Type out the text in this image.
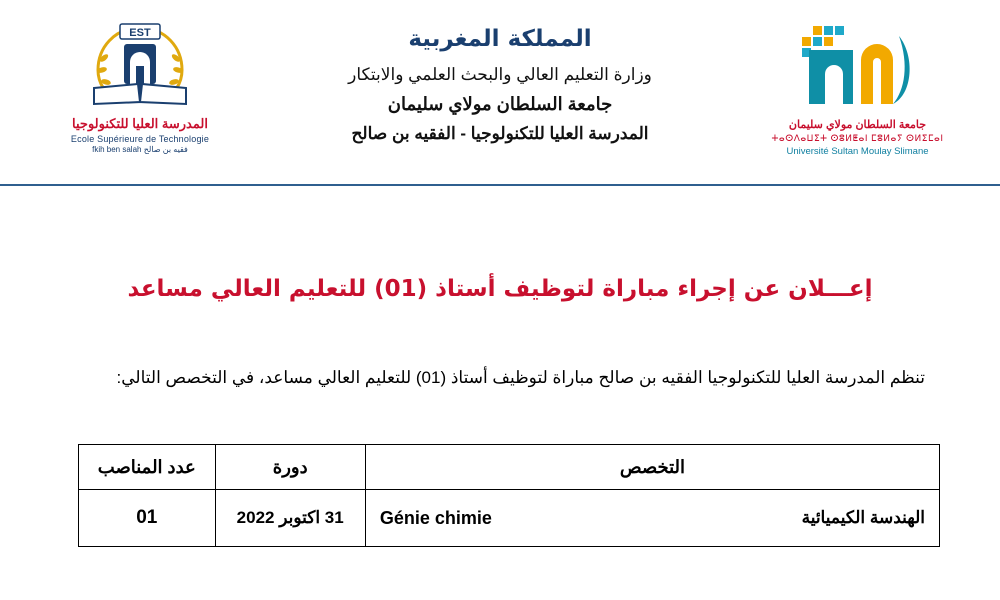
EST
المدرسة العليا للتكنولوجيا
Ecole Supérieure de Technologie
فقيه بن صالح fkih ben salah
المملكة المغربية
وزارة التعليم العالي والبحث العلمي والابتكار
جامعة السلطان مولاي سليمان
المدرسة العليا للتكنولوجيا - الفقيه بن صالح	جامعة السلطان مولاي سليمان
ⵜⴰⵙⴷⴰⵡⵉⵜ ⵙⵓⵍⵟⴰⵏ ⵎⵓⵍⴰⵢ ⵙⵍⵉⵎⴰⵏ
Université Sultan Moulay Slimane
إعـــلان عن إجراء مباراة لتوظيف أستاذ (01) للتعليم العالي مساعد
تنظم المدرسة العليا للتكنولوجيا الفقيه بن صالح مباراة لتوظيف أستاذ (01) للتعليم العالي مساعد، في التخصص التالي:
التخصص	دورة	عدد المناصب

الهندسة الكيميائية
Génie chimie	31 اكتوبر 2022	01
